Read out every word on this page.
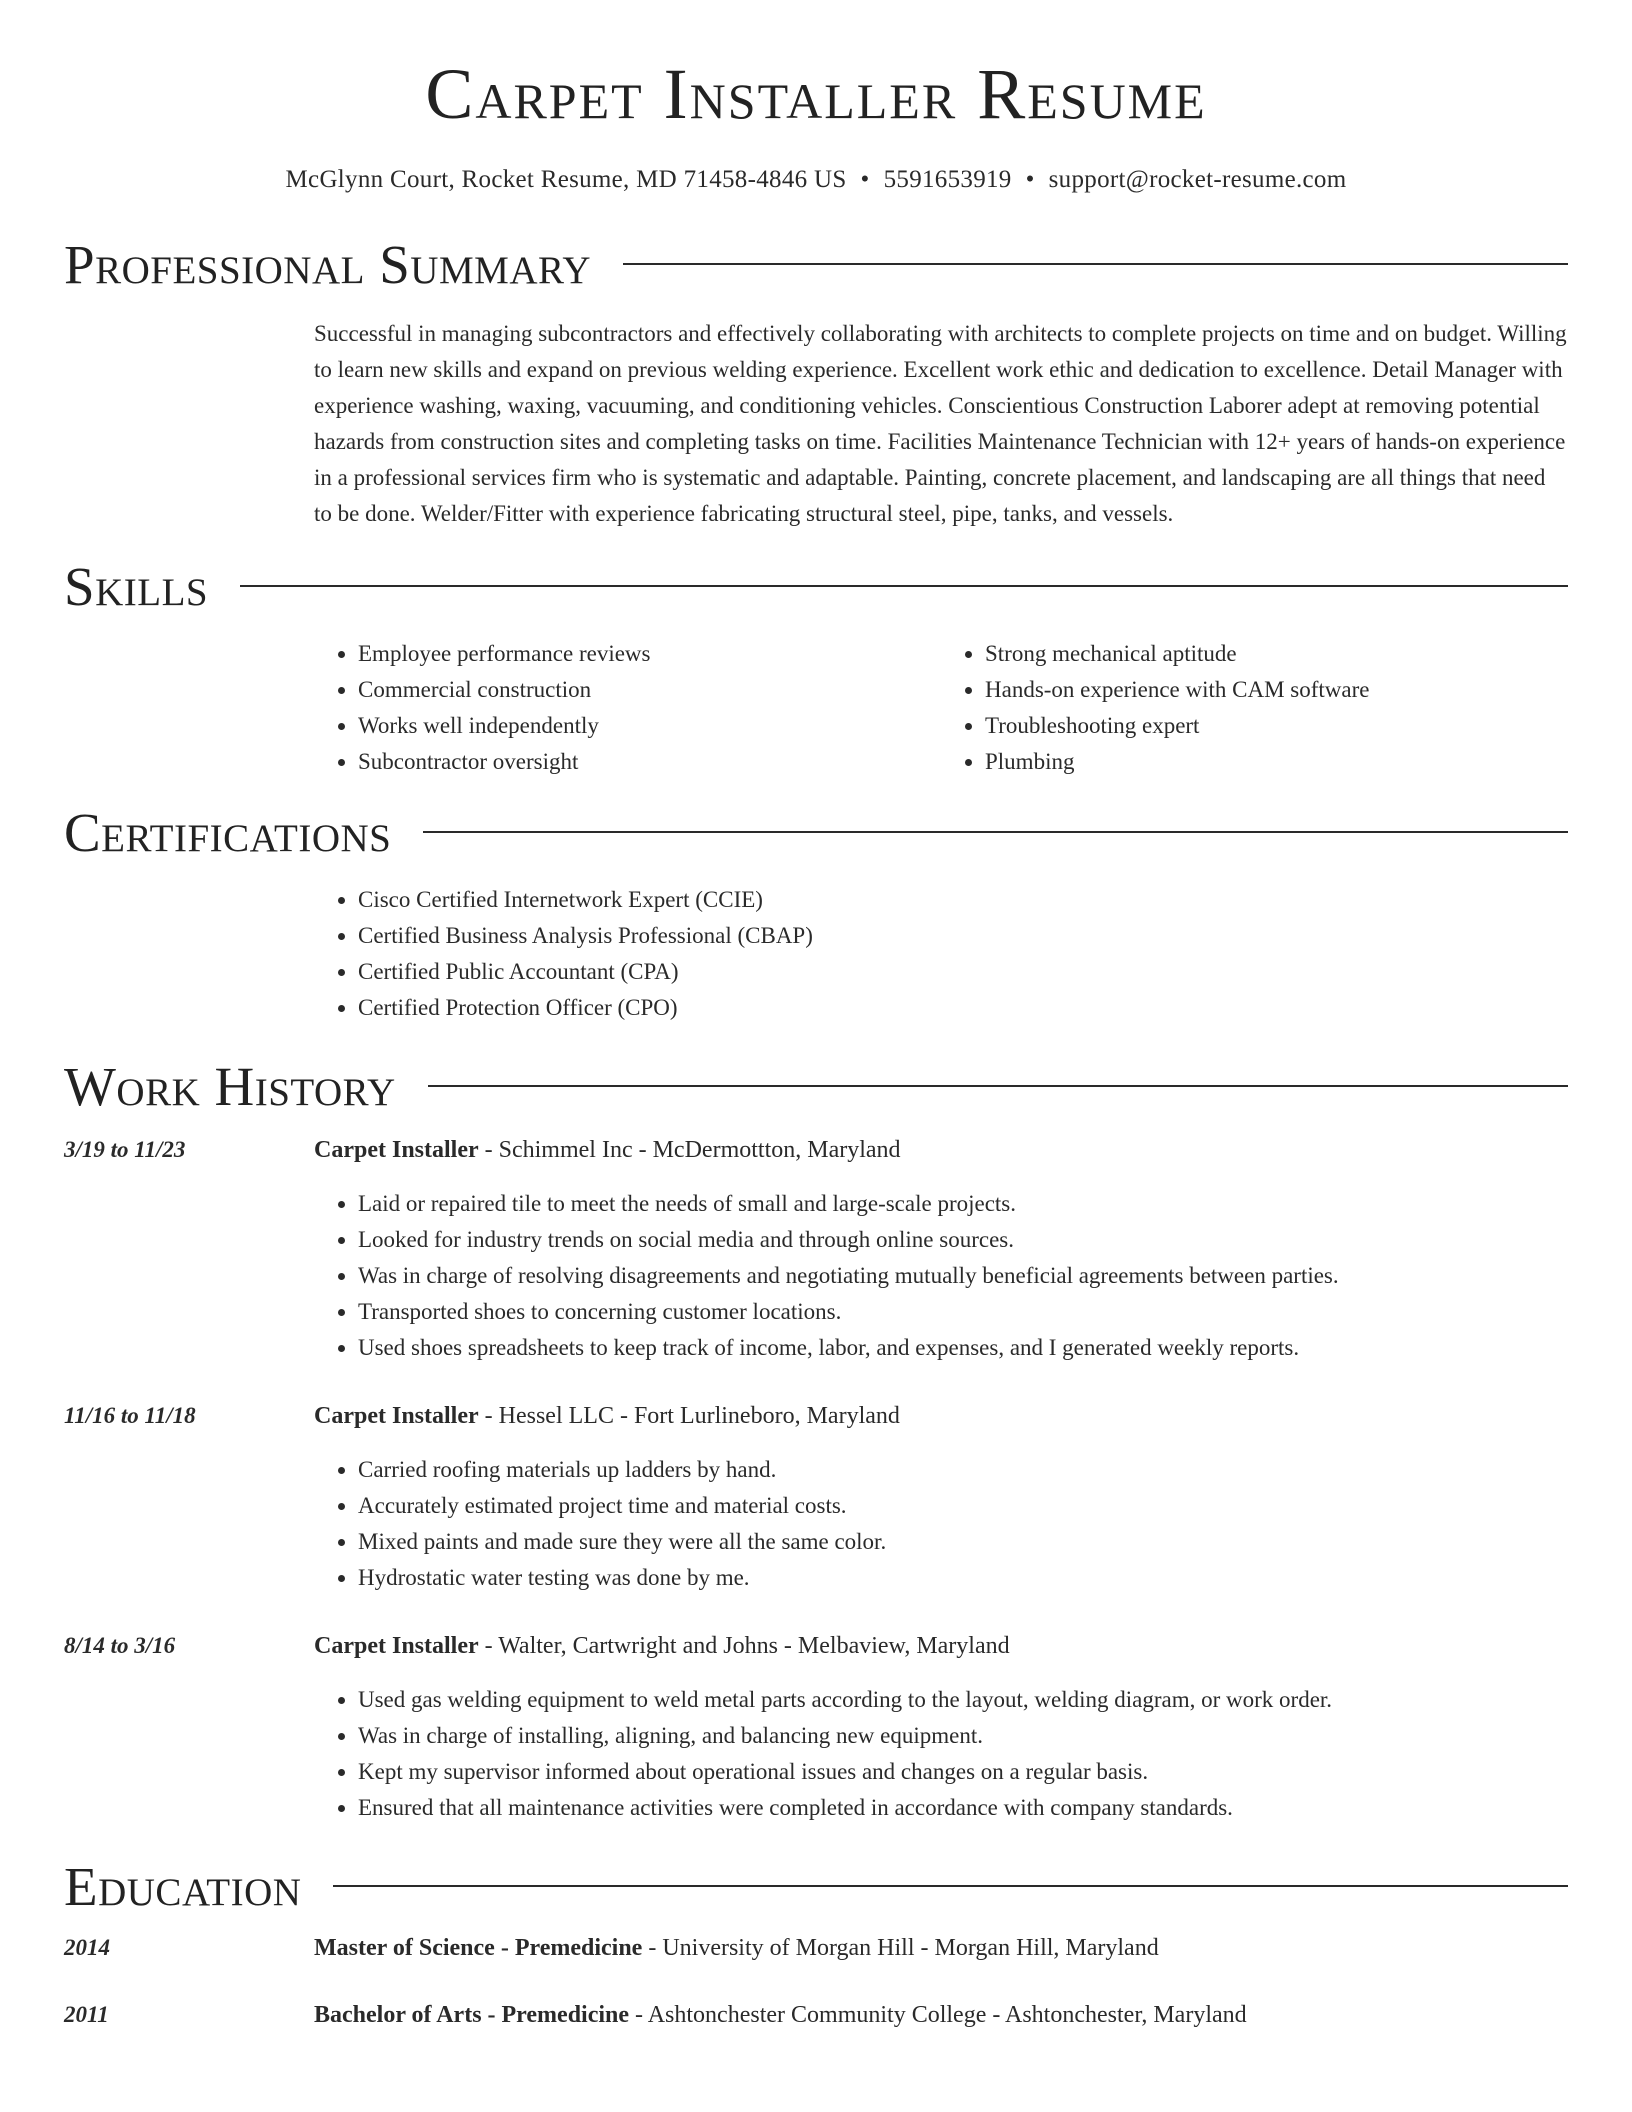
Carpet Installer Resume
McGlynn Court, Rocket Resume, MD 71458-4846 US • 5591653919 • support@rocket-resume.com
Professional Summary
Successful in managing subcontractors and effectively collaborating with architects to complete projects on time and on budget. Willing to learn new skills and expand on previous welding experience. Excellent work ethic and dedication to excellence. Detail Manager with experience washing, waxing, vacuuming, and conditioning vehicles. Conscientious Construction Laborer adept at removing potential hazards from construction sites and completing tasks on time. Facilities Maintenance Technician with 12+ years of hands-on experience in a professional services firm who is systematic and adaptable. Painting, concrete placement, and landscaping are all things that need to be done. Welder/Fitter with experience fabricating structural steel, pipe, tanks, and vessels.
Skills
• Employee performance reviews
• Commercial construction
• Works well independently
• Subcontractor oversight
• Strong mechanical aptitude
• Hands-on experience with CAM software
• Troubleshooting expert
• Plumbing
Certifications
• Cisco Certified Internetwork Expert (CCIE)
• Certified Business Analysis Professional (CBAP)
• Certified Public Accountant (CPA)
• Certified Protection Officer (CPO)
Work History
3/19 to 11/23	Carpet Installer - Schimmel Inc - McDermottton, Maryland
• Laid or repaired tile to meet the needs of small and large-scale projects.
• Looked for industry trends on social media and through online sources.
• Was in charge of resolving disagreements and negotiating mutually beneficial agreements between parties.
• Transported shoes to concerning customer locations.
• Used shoes spreadsheets to keep track of income, labor, and expenses, and I generated weekly reports.
11/16 to 11/18	Carpet Installer - Hessel LLC - Fort Lurlineboro, Maryland
• Carried roofing materials up ladders by hand.
• Accurately estimated project time and material costs.
• Mixed paints and made sure they were all the same color.
• Hydrostatic water testing was done by me.
8/14 to 3/16	Carpet Installer - Walter, Cartwright and Johns - Melbaview, Maryland
• Used gas welding equipment to weld metal parts according to the layout, welding diagram, or work order.
• Was in charge of installing, aligning, and balancing new equipment.
• Kept my supervisor informed about operational issues and changes on a regular basis.
• Ensured that all maintenance activities were completed in accordance with company standards.
Education
2014	Master of Science - Premedicine - University of Morgan Hill - Morgan Hill, Maryland
2011	Bachelor of Arts - Premedicine - Ashtonchester Community College - Ashtonchester, Maryland
